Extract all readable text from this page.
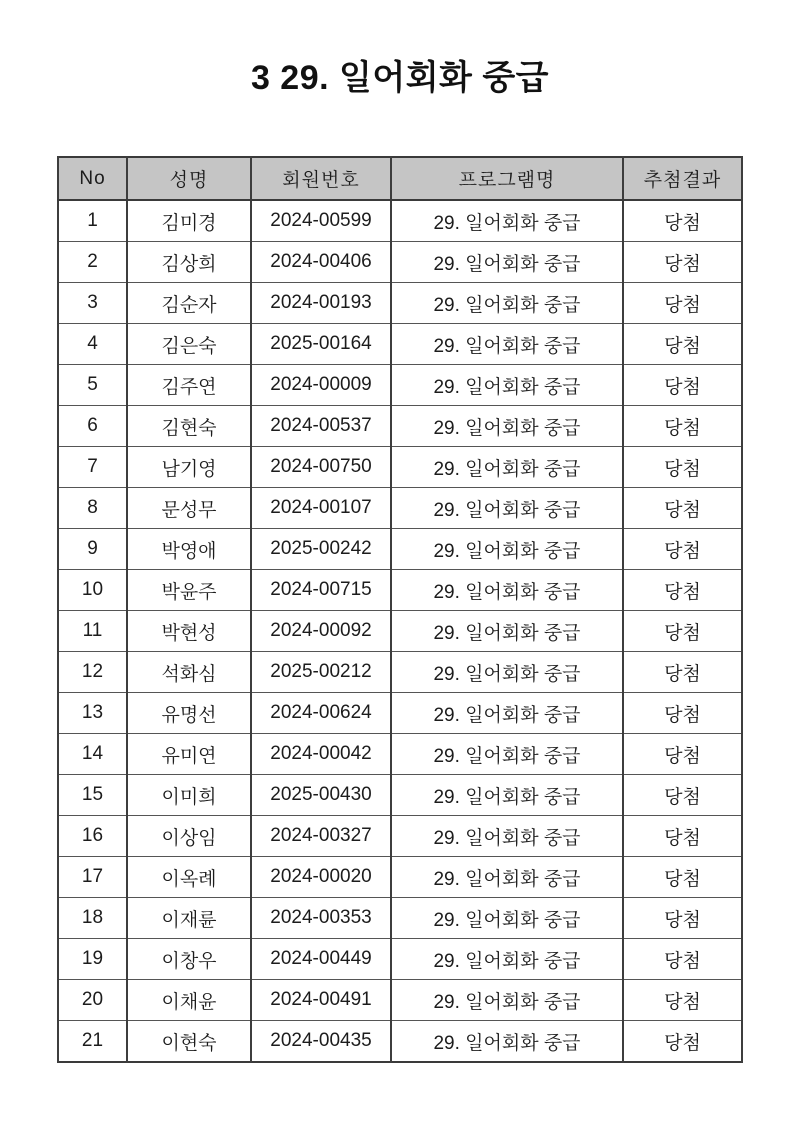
3 29. 일어회화 중급
No	성명	회원번호	프로그램명	추첨결과
1	김미경	2024-00599	29. 일어회화 중급	당첨
2	김상희	2024-00406	29. 일어회화 중급	당첨
3	김순자	2024-00193	29. 일어회화 중급	당첨
4	김은숙	2025-00164	29. 일어회화 중급	당첨
5	김주연	2024-00009	29. 일어회화 중급	당첨
6	김현숙	2024-00537	29. 일어회화 중급	당첨
7	남기영	2024-00750	29. 일어회화 중급	당첨
8	문성무	2024-00107	29. 일어회화 중급	당첨
9	박영애	2025-00242	29. 일어회화 중급	당첨
10	박윤주	2024-00715	29. 일어회화 중급	당첨
11	박현성	2024-00092	29. 일어회화 중급	당첨
12	석화심	2025-00212	29. 일어회화 중급	당첨
13	유명선	2024-00624	29. 일어회화 중급	당첨
14	유미연	2024-00042	29. 일어회화 중급	당첨
15	이미희	2025-00430	29. 일어회화 중급	당첨
16	이상임	2024-00327	29. 일어회화 중급	당첨
17	이옥례	2024-00020	29. 일어회화 중급	당첨
18	이재륜	2024-00353	29. 일어회화 중급	당첨
19	이창우	2024-00449	29. 일어회화 중급	당첨
20	이채윤	2024-00491	29. 일어회화 중급	당첨
21	이현숙	2024-00435	29. 일어회화 중급	당첨
